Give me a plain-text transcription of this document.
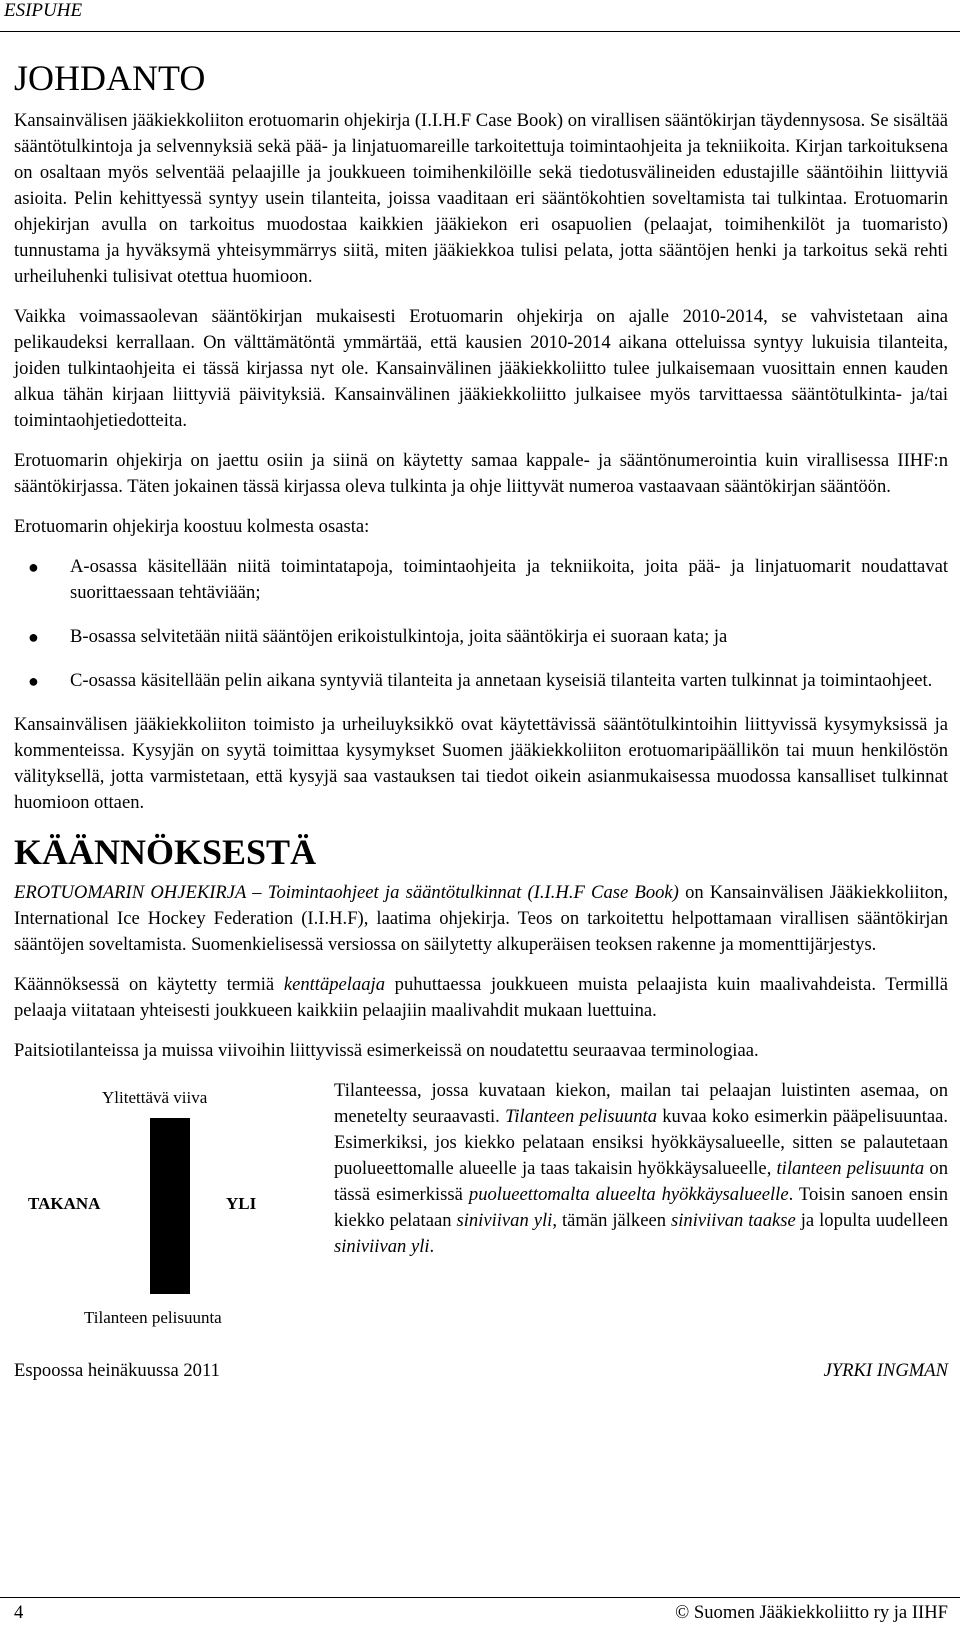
ESIPUHE
JOHDANTO

Kansainvälisen jääkiekkoliiton erotuomarin ohjekirja (I.I.H.F Case Book) on virallisen sääntökirjan täydennysosa. Se sisältää sääntötulkintoja ja selvennyksiä sekä pää- ja linjatuomareille tarkoitettuja toimintaohjeita ja tekniikoita. Kirjan tarkoituksena on osaltaan myös selventää pelaajille ja joukkueen toimihenkilöille sekä tiedotusvälineiden edustajille sääntöihin liittyviä asioita. Pelin kehittyessä syntyy usein tilanteita, joissa vaaditaan eri sääntökohtien soveltamista tai tulkintaa. Erotuomarin ohjekirjan avulla on tarkoitus muodostaa kaikkien jääkiekon eri osapuolien (pelaajat, toimihenkilöt ja tuomaristo) tunnustama ja hyväksymä yhteisymmärrys siitä, miten jääkiekkoa tulisi pelata, jotta sääntöjen henki ja tarkoitus sekä rehti urheiluhenki tulisivat otettua huomioon.

Vaikka voimassaolevan sääntökirjan mukaisesti Erotuomarin ohjekirja on ajalle 2010-2014, se vahvistetaan aina pelikaudeksi kerrallaan. On välttämätöntä ymmärtää, että kausien 2010-2014 aikana otteluissa syntyy lukuisia tilanteita, joiden tulkintaohjeita ei tässä kirjassa nyt ole. Kansainvälinen jääkiekkoliitto tulee julkaisemaan vuosittain ennen kauden alkua tähän kirjaan liittyviä päivityksiä. Kansainvälinen jääkiekkoliitto julkaisee myös tarvittaessa sääntötulkinta- ja/tai toimintaohjetiedotteita.

Erotuomarin ohjekirja on jaettu osiin ja siinä on käytetty samaa kappale- ja sääntönumerointia kuin virallisessa IIHF:n sääntökirjassa. Täten jokainen tässä kirjassa oleva tulkinta ja ohje liittyvät numeroa vastaavaan sääntökirjan sääntöön.

Erotuomarin ohjekirja koostuu kolmesta osasta:

● A-osassa käsitellään niitä toimintatapoja, toimintaohjeita ja tekniikoita, joita pää- ja linjatuomarit noudattavat suorittaessaan tehtäviään;
● B-osassa selvitetään niitä sääntöjen erikoistulkintoja, joita sääntökirja ei suoraan kata; ja
● C-osassa käsitellään pelin aikana syntyviä tilanteita ja annetaan kyseisiä tilanteita varten tulkinnat ja toimintaohjeet.

Kansainvälisen jääkiekkoliiton toimisto ja urheiluyksikkö ovat käytettävissä sääntötulkintoihin liittyvissä kysymyksissä ja kommenteissa. Kysyjän on syytä toimittaa kysymykset Suomen jääkiekkoliiton erotuomaripäällikön tai muun henkilöstön välityksellä, jotta varmistetaan, että kysyjä saa vastauksen tai tiedot oikein asianmukaisessa muodossa kansalliset tulkinnat huomioon ottaen.

KÄÄNNÖKSESTÄ

EROTUOMARIN OHJEKIRJA – Toimintaohjeet ja sääntötulkinnat (I.I.H.F Case Book) on Kansainvälisen Jääkiekkoliiton, International Ice Hockey Federation (I.I.H.F), laatima ohjekirja. Teos on tarkoitettu helpottamaan virallisen sääntökirjan sääntöjen soveltamista. Suomenkielisessä versiossa on säilytetty alkuperäisen teoksen rakenne ja momenttijärjestys.

Käännöksessä on käytetty termiä kenttäpelaaja puhuttaessa joukkueen muista pelaajista kuin maalivahdeista. Termillä pelaaja viitataan yhteisesti joukkueen kaikkiin pelaajiin maalivahdit mukaan luettuina.

Paitsiotilanteissa ja muissa viivoihin liittyvissä esimerkeissä on noudatettu seuraavaa terminologiaa.

Ylitettävä viiva
TAKANA	YLI
Tilanteen pelisuunta

Tilanteessa, jossa kuvataan kiekon, mailan tai pelaajan luistinten asemaa, on menetelty seuraavasti. Tilanteen pelisuunta kuvaa koko esimerkin pääpelisuuntaa. Esimerkiksi, jos kiekko pelataan ensiksi hyökkäysalueelle, sitten se palautetaan puolueettomalle alueelle ja taas takaisin hyökkäysalueelle, tilanteen pelisuunta on tässä esimerkissä puolueettomalta alueelta hyökkäysalueelle. Toisin sanoen ensin kiekko pelataan siniviivan yli, tämän jälkeen siniviivan taakse ja lopulta uudelleen siniviivan yli.

Espoossa heinäkuussa 2011	JYRKI INGMAN
4	© Suomen Jääkiekkoliitto ry ja IIHF
